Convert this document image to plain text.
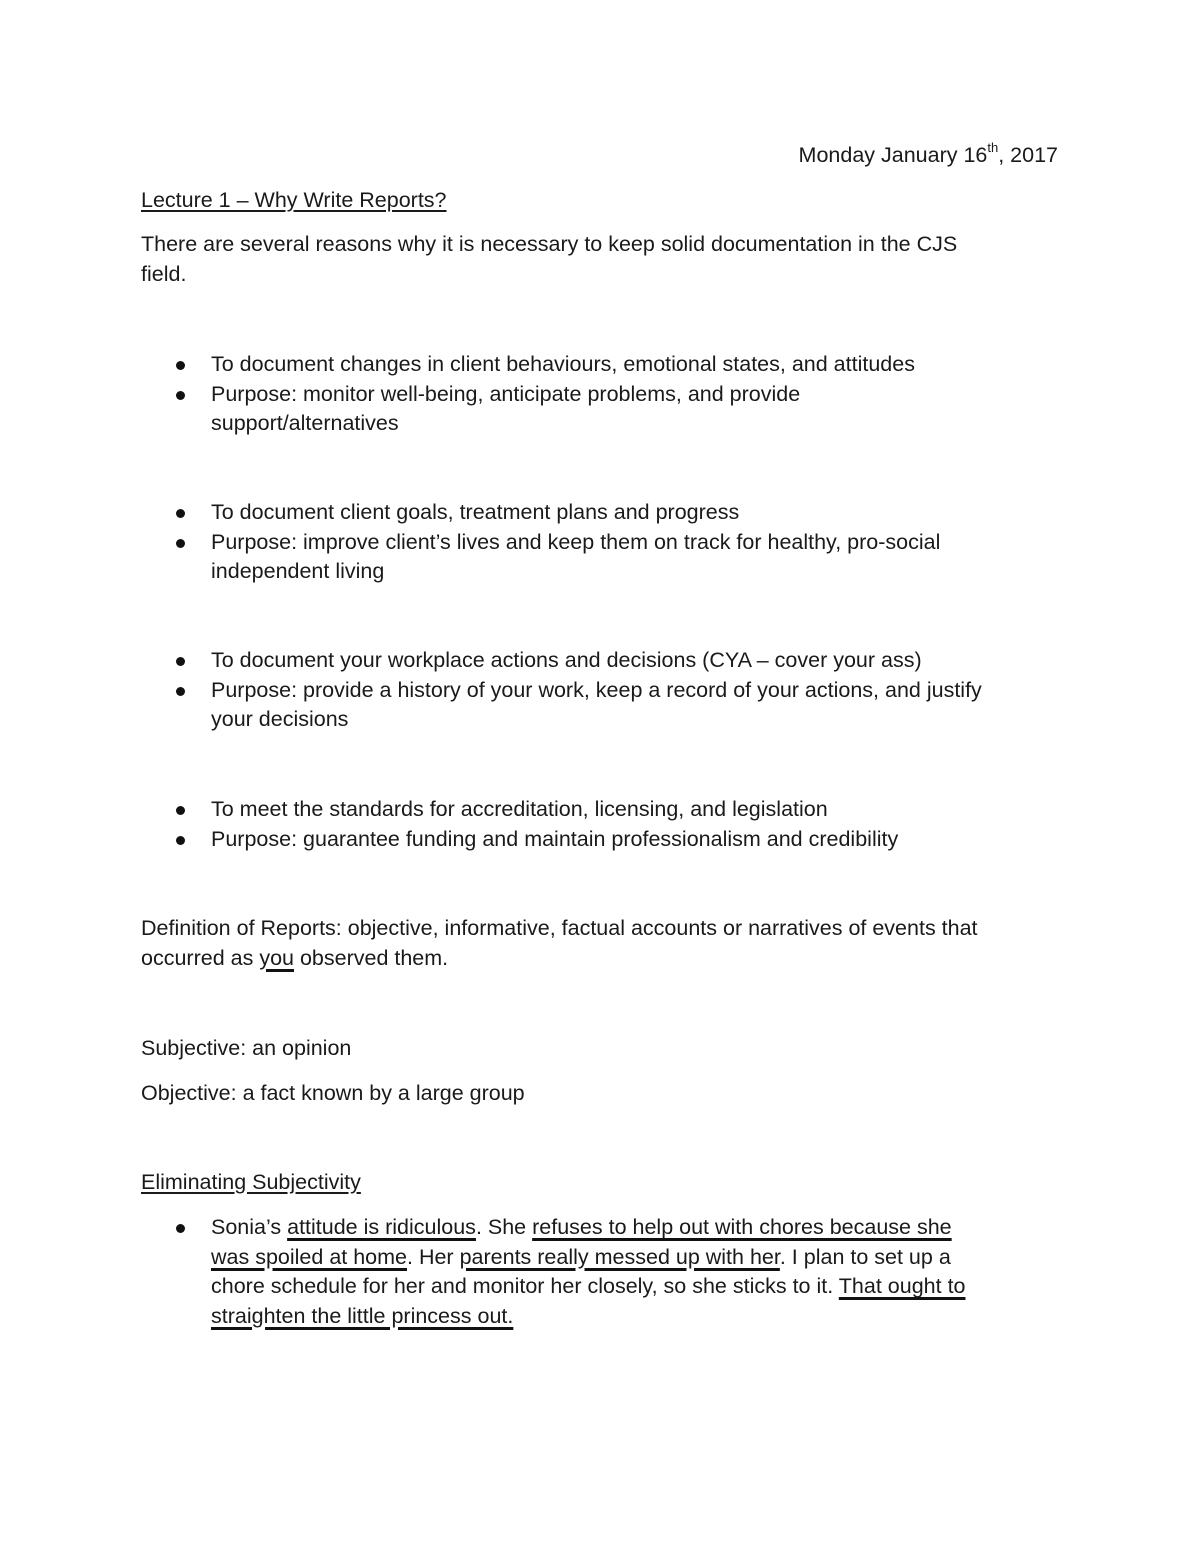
Monday January 16th, 2017
Lecture 1 – Why Write Reports?
There are several reasons why it is necessary to keep solid documentation in the CJS
field.
To document changes in client behaviours, emotional states, and attitudes
Purpose: monitor well-being, anticipate problems, and provide
support/alternatives
To document client goals, treatment plans and progress
Purpose: improve client’s lives and keep them on track for healthy, pro-social
independent living
To document your workplace actions and decisions (CYA – cover your ass)
Purpose: provide a history of your work, keep a record of your actions, and justify
your decisions
To meet the standards for accreditation, licensing, and legislation
Purpose: guarantee funding and maintain professionalism and credibility
Definition of Reports: objective, informative, factual accounts or narratives of events that
occurred as you observed them.
Subjective: an opinion
Objective: a fact known by a large group
Eliminating Subjectivity
Sonia’s attitude is ridiculous. She refuses to help out with chores because she
was spoiled at home. Her parents really messed up with her. I plan to set up a
chore schedule for her and monitor her closely, so she sticks to it. That ought to
straighten the little princess out.
